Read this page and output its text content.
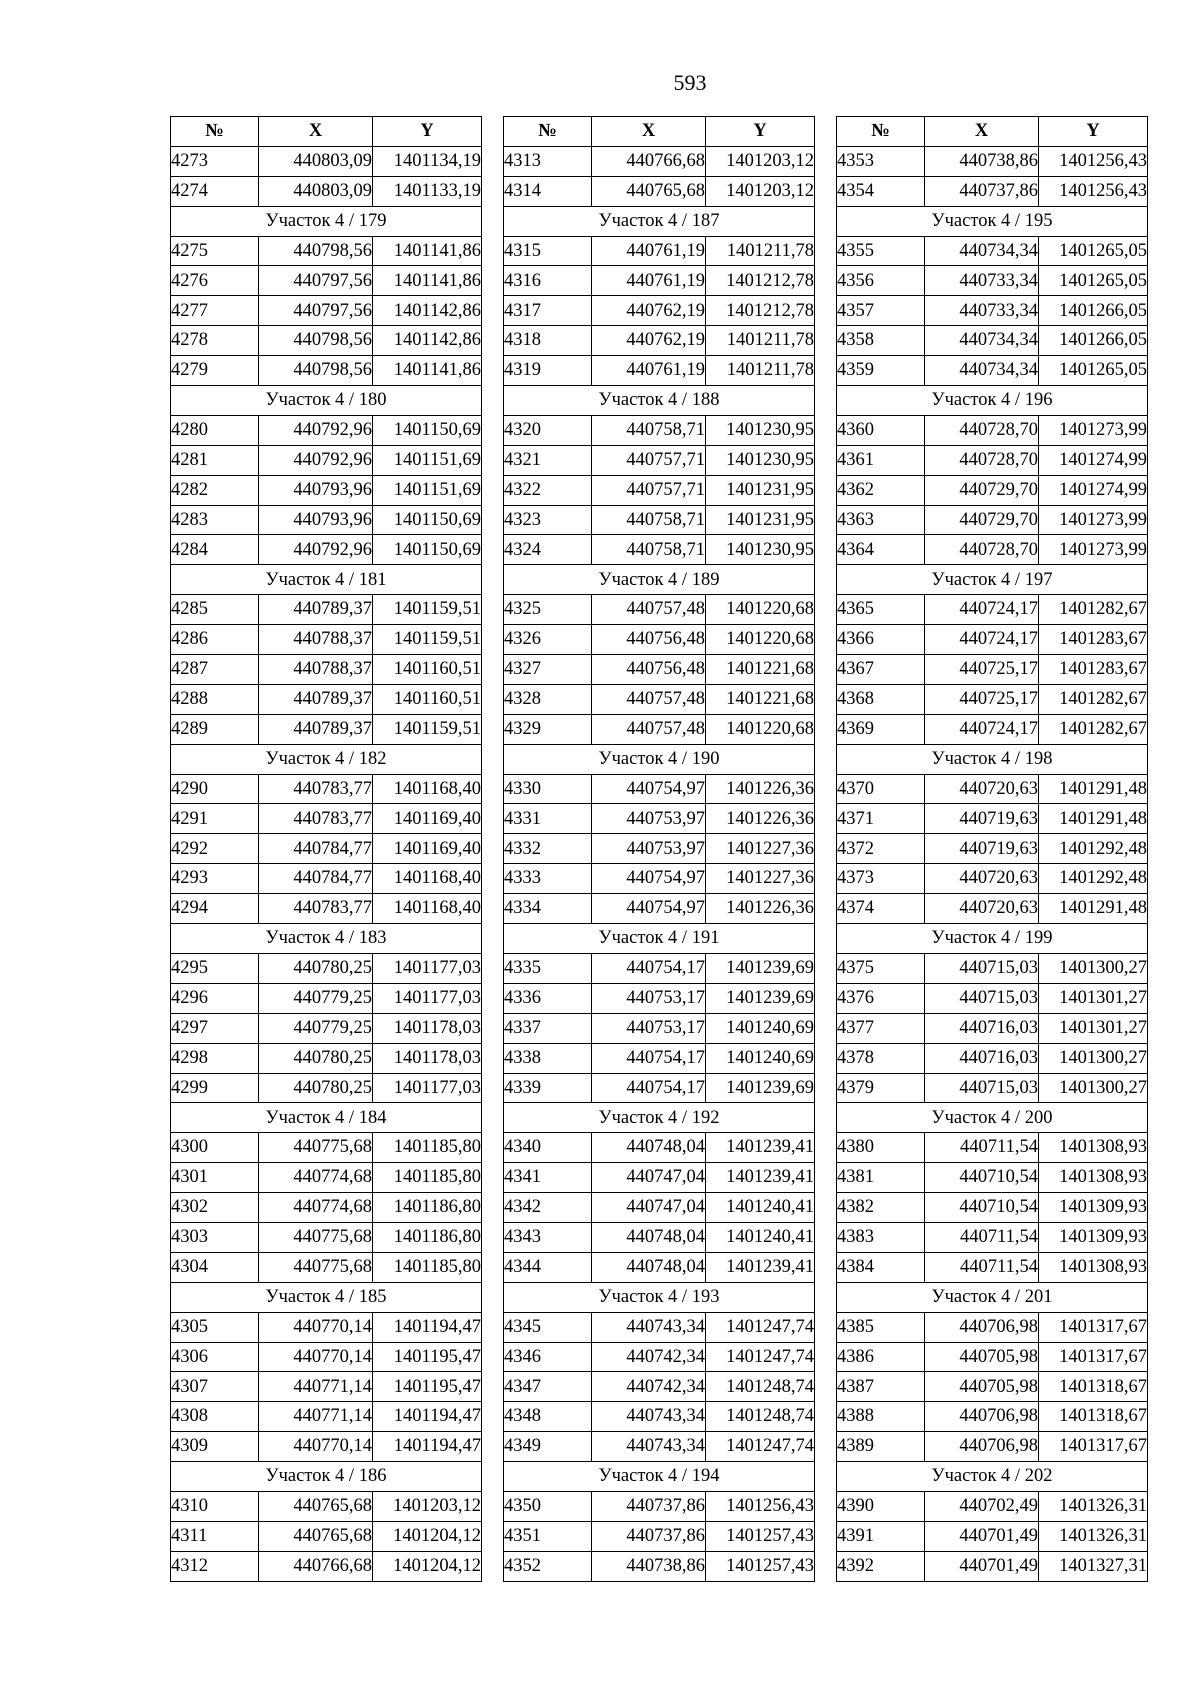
593
№	X	Y
4273	440803,09	1401134,19
4274	440803,09	1401133,19
Участок 4 / 179		
4275	440798,56	1401141,86
4276	440797,56	1401141,86
4277	440797,56	1401142,86
4278	440798,56	1401142,86
4279	440798,56	1401141,86
Участок 4 / 180		
4280	440792,96	1401150,69
4281	440792,96	1401151,69
4282	440793,96	1401151,69
4283	440793,96	1401150,69
4284	440792,96	1401150,69
Участок 4 / 181		
4285	440789,37	1401159,51
4286	440788,37	1401159,51
4287	440788,37	1401160,51
4288	440789,37	1401160,51
4289	440789,37	1401159,51
Участок 4 / 182		
4290	440783,77	1401168,40
4291	440783,77	1401169,40
4292	440784,77	1401169,40
4293	440784,77	1401168,40
4294	440783,77	1401168,40
Участок 4 / 183		
4295	440780,25	1401177,03
4296	440779,25	1401177,03
4297	440779,25	1401178,03
4298	440780,25	1401178,03
4299	440780,25	1401177,03
Участок 4 / 184		
4300	440775,68	1401185,80
4301	440774,68	1401185,80
4302	440774,68	1401186,80
4303	440775,68	1401186,80
4304	440775,68	1401185,80
Участок 4 / 185		
4305	440770,14	1401194,47
4306	440770,14	1401195,47
4307	440771,14	1401195,47
4308	440771,14	1401194,47
4309	440770,14	1401194,47
Участок 4 / 186		
4310	440765,68	1401203,12
4311	440765,68	1401204,12
4312	440766,68	1401204,12
№	X	Y
4313	440766,68	1401203,12
4314	440765,68	1401203,12
Участок 4 / 187		
4315	440761,19	1401211,78
4316	440761,19	1401212,78
4317	440762,19	1401212,78
4318	440762,19	1401211,78
4319	440761,19	1401211,78
Участок 4 / 188		
4320	440758,71	1401230,95
4321	440757,71	1401230,95
4322	440757,71	1401231,95
4323	440758,71	1401231,95
4324	440758,71	1401230,95
Участок 4 / 189		
4325	440757,48	1401220,68
4326	440756,48	1401220,68
4327	440756,48	1401221,68
4328	440757,48	1401221,68
4329	440757,48	1401220,68
Участок 4 / 190		
4330	440754,97	1401226,36
4331	440753,97	1401226,36
4332	440753,97	1401227,36
4333	440754,97	1401227,36
4334	440754,97	1401226,36
Участок 4 / 191		
4335	440754,17	1401239,69
4336	440753,17	1401239,69
4337	440753,17	1401240,69
4338	440754,17	1401240,69
4339	440754,17	1401239,69
Участок 4 / 192		
4340	440748,04	1401239,41
4341	440747,04	1401239,41
4342	440747,04	1401240,41
4343	440748,04	1401240,41
4344	440748,04	1401239,41
Участок 4 / 193		
4345	440743,34	1401247,74
4346	440742,34	1401247,74
4347	440742,34	1401248,74
4348	440743,34	1401248,74
4349	440743,34	1401247,74
Участок 4 / 194		
4350	440737,86	1401256,43
4351	440737,86	1401257,43
4352	440738,86	1401257,43
№	X	Y
4353	440738,86	1401256,43
4354	440737,86	1401256,43
Участок 4 / 195		
4355	440734,34	1401265,05
4356	440733,34	1401265,05
4357	440733,34	1401266,05
4358	440734,34	1401266,05
4359	440734,34	1401265,05
Участок 4 / 196		
4360	440728,70	1401273,99
4361	440728,70	1401274,99
4362	440729,70	1401274,99
4363	440729,70	1401273,99
4364	440728,70	1401273,99
Участок 4 / 197		
4365	440724,17	1401282,67
4366	440724,17	1401283,67
4367	440725,17	1401283,67
4368	440725,17	1401282,67
4369	440724,17	1401282,67
Участок 4 / 198		
4370	440720,63	1401291,48
4371	440719,63	1401291,48
4372	440719,63	1401292,48
4373	440720,63	1401292,48
4374	440720,63	1401291,48
Участок 4 / 199		
4375	440715,03	1401300,27
4376	440715,03	1401301,27
4377	440716,03	1401301,27
4378	440716,03	1401300,27
4379	440715,03	1401300,27
Участок 4 / 200		
4380	440711,54	1401308,93
4381	440710,54	1401308,93
4382	440710,54	1401309,93
4383	440711,54	1401309,93
4384	440711,54	1401308,93
Участок 4 / 201		
4385	440706,98	1401317,67
4386	440705,98	1401317,67
4387	440705,98	1401318,67
4388	440706,98	1401318,67
4389	440706,98	1401317,67
Участок 4 / 202		
4390	440702,49	1401326,31
4391	440701,49	1401326,31
4392	440701,49	1401327,31
